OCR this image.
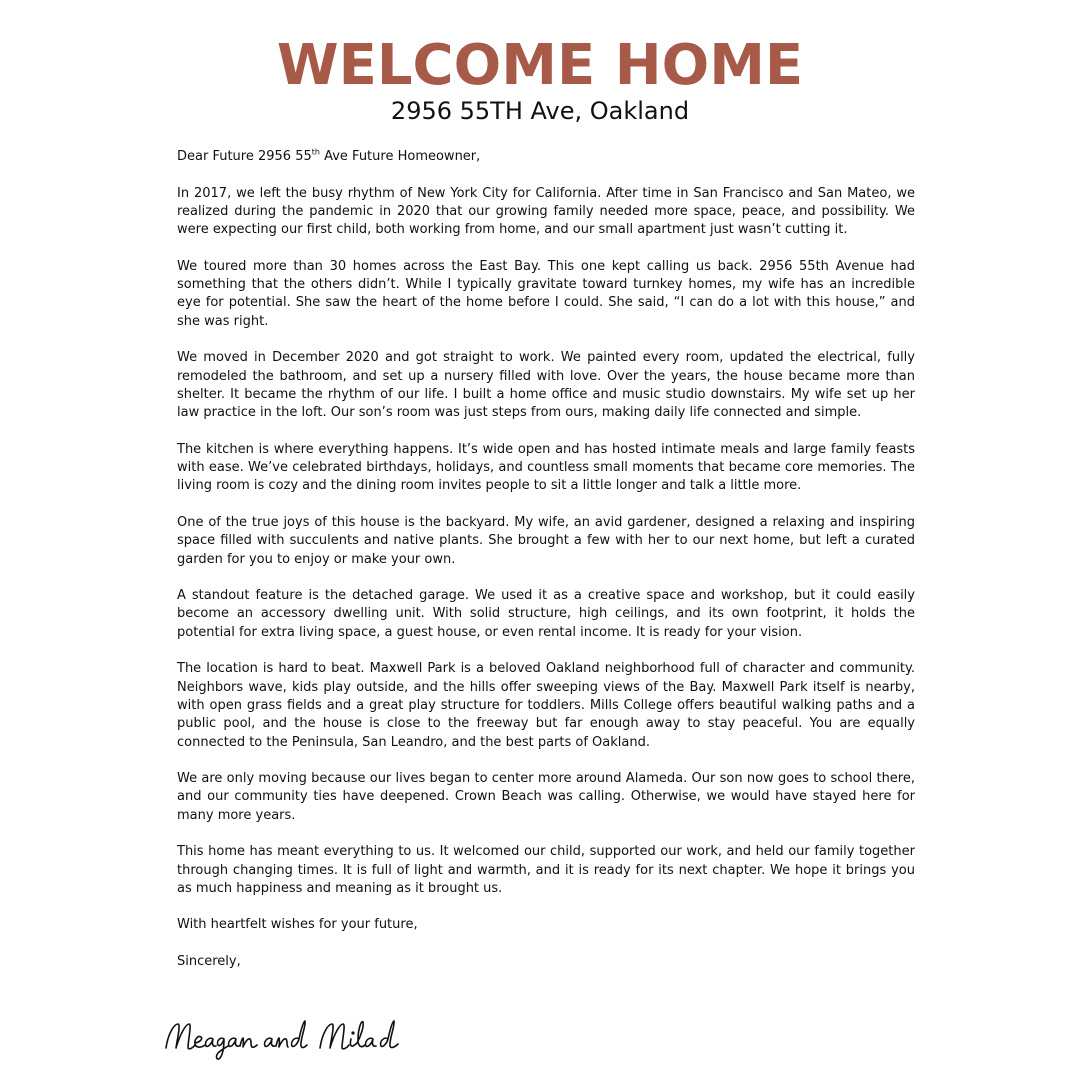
WELCOME HOME
2956 55TH Ave, Oakland

Dear Future 2956 55th Ave Future Homeowner,

In 2017, we left the busy rhythm of New York City for California. After time in San Francisco and San Mateo, we realized during the pandemic in 2020 that our growing family needed more space, peace, and possibility. We were expecting our first child, both working from home, and our small apartment just wasn’t cutting it.

We toured more than 30 homes across the East Bay. This one kept calling us back. 2956 55th Avenue had something that the others didn’t. While I typically gravitate toward turnkey homes, my wife has an incredible eye for potential. She saw the heart of the home before I could. She said, “I can do a lot with this house,” and she was right.

We moved in December 2020 and got straight to work. We painted every room, updated the electrical, fully remodeled the bathroom, and set up a nursery filled with love. Over the years, the house became more than shelter. It became the rhythm of our life. I built a home office and music studio downstairs. My wife set up her law practice in the loft. Our son’s room was just steps from ours, making daily life connected and simple.

The kitchen is where everything happens. It’s wide open and has hosted intimate meals and large family feasts with ease. We’ve celebrated birthdays, holidays, and countless small moments that became core memories. The living room is cozy and the dining room invites people to sit a little longer and talk a little more.

One of the true joys of this house is the backyard. My wife, an avid gardener, designed a relaxing and inspiring space filled with succulents and native plants. She brought a few with her to our next home, but left a curated garden for you to enjoy or make your own.

A standout feature is the detached garage. We used it as a creative space and workshop, but it could easily become an accessory dwelling unit. With solid structure, high ceilings, and its own footprint, it holds the potential for extra living space, a guest house, or even rental income. It is ready for your vision.

The location is hard to beat. Maxwell Park is a beloved Oakland neighborhood full of character and community. Neighbors wave, kids play outside, and the hills offer sweeping views of the Bay. Maxwell Park itself is nearby, with open grass fields and a great play structure for toddlers. Mills College offers beautiful walking paths and a public pool, and the house is close to the freeway but far enough away to stay peaceful. You are equally connected to the Peninsula, San Leandro, and the best parts of Oakland.

We are only moving because our lives began to center more around Alameda. Our son now goes to school there, and our community ties have deepened. Crown Beach was calling. Otherwise, we would have stayed here for many more years.

This home has meant everything to us. It welcomed our child, supported our work, and held our family together through changing times. It is full of light and warmth, and it is ready for its next chapter. We hope it brings you as much happiness and meaning as it brought us.

With heartfelt wishes for your future,

Sincerely,
